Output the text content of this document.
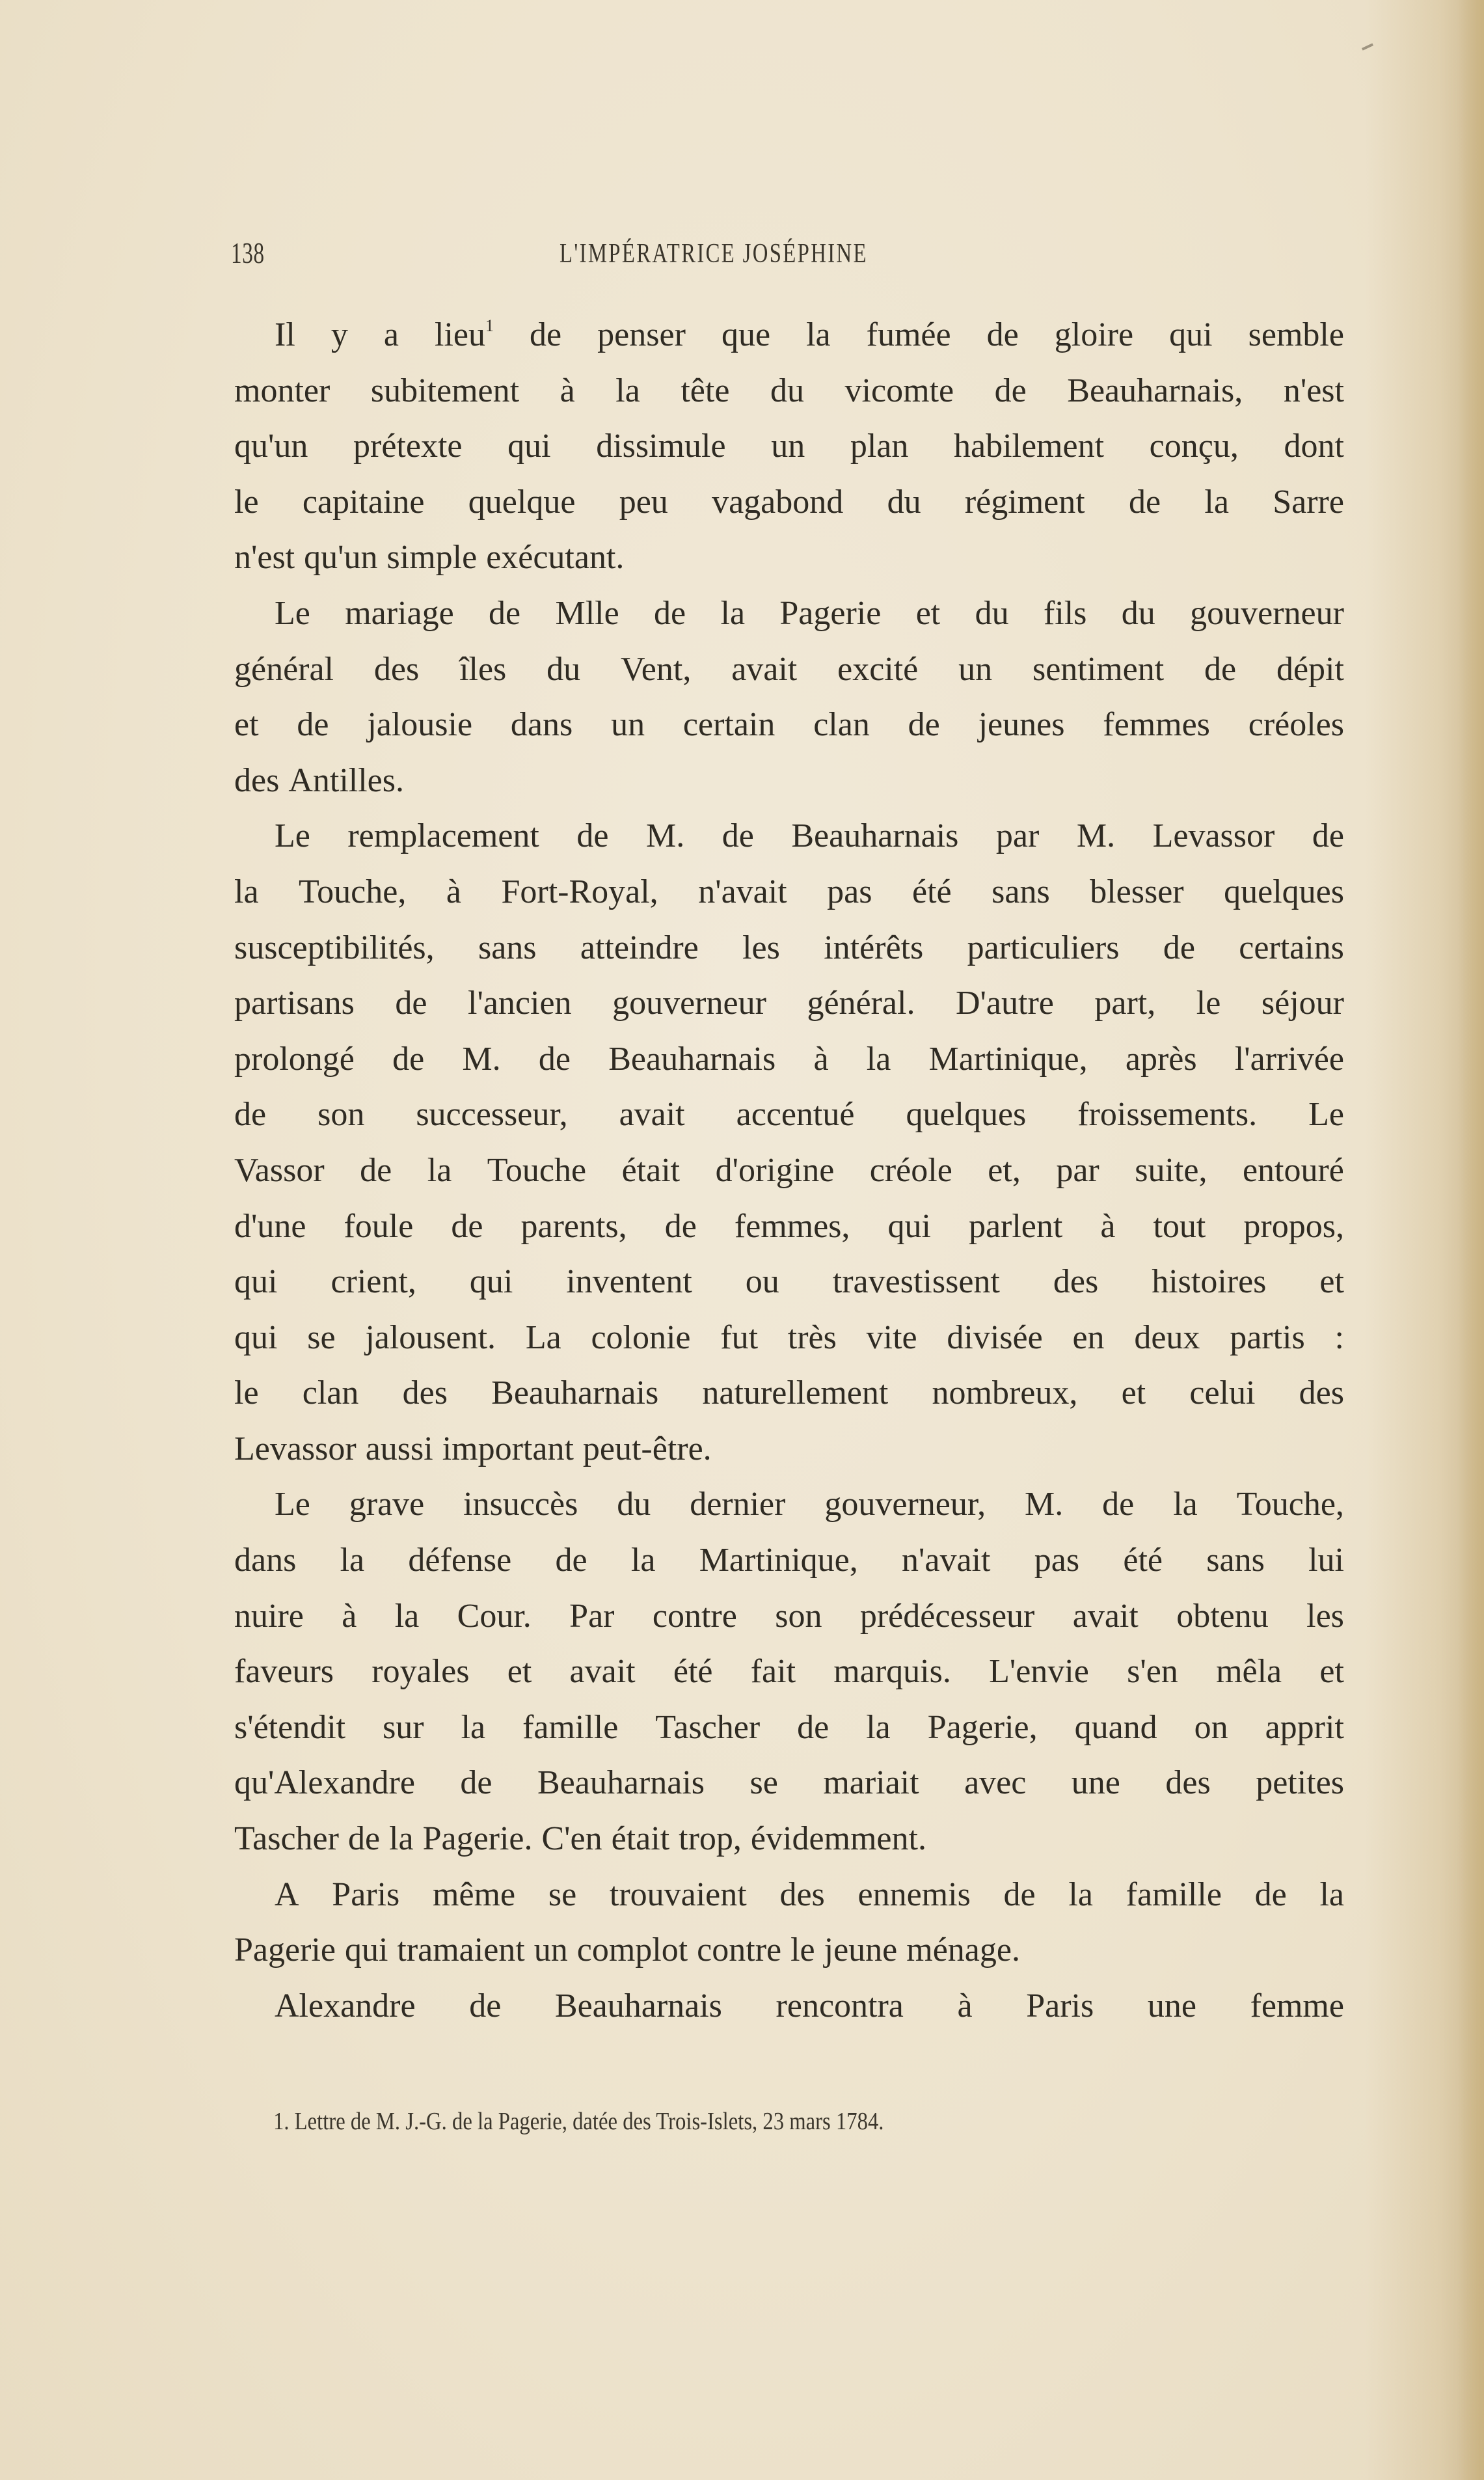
138	L'IMPÉRATRICE JOSÉPHINE
Il y a lieu$^1$ de penser que la fumée de gloire qui semble
monter subitement à la tête du vicomte de Beauharnais, n'est
qu'un prétexte qui dissimule un plan habilement conçu, dont
le capitaine quelque peu vagabond du régiment de la Sarre
n'est qu'un simple exécutant.
Le mariage de Mlle de la Pagerie et du fils du gouverneur
général des îles du Vent, avait excité un sentiment de dépit
et de jalousie dans un certain clan de jeunes femmes créoles
des Antilles.
Le remplacement de M. de Beauharnais par M. Levassor de
la Touche, à Fort-Royal, n'avait pas été sans blesser quelques
susceptibilités, sans atteindre les intérêts particuliers de certains
partisans de l'ancien gouverneur général. D'autre part, le séjour
prolongé de M. de Beauharnais à la Martinique, après l'arrivée
de son successeur, avait accentué quelques froissements. Le
Vassor de la Touche était d'origine créole et, par suite, entouré
d'une foule de parents, de femmes, qui parlent à tout propos,
qui crient, qui inventent ou travestissent des histoires et
qui se jalousent. La colonie fut très vite divisée en deux partis :
le clan des Beauharnais naturellement nombreux, et celui des
Levassor aussi important peut-être.
Le grave insuccès du dernier gouverneur, M. de la Touche,
dans la défense de la Martinique, n'avait pas été sans lui
nuire à la Cour. Par contre son prédécesseur avait obtenu les
faveurs royales et avait été fait marquis. L'envie s'en mêla et
s'étendit sur la famille Tascher de la Pagerie, quand on apprit
qu'Alexandre de Beauharnais se mariait avec une des petites
Tascher de la Pagerie. C'en était trop, évidemment.
A Paris même se trouvaient des ennemis de la famille de la
Pagerie qui tramaient un complot contre le jeune ménage.
Alexandre de Beauharnais rencontra à Paris une femme
1. Lettre de M. J.-G. de la Pagerie, datée des Trois-Islets, 23 mars 1784.
